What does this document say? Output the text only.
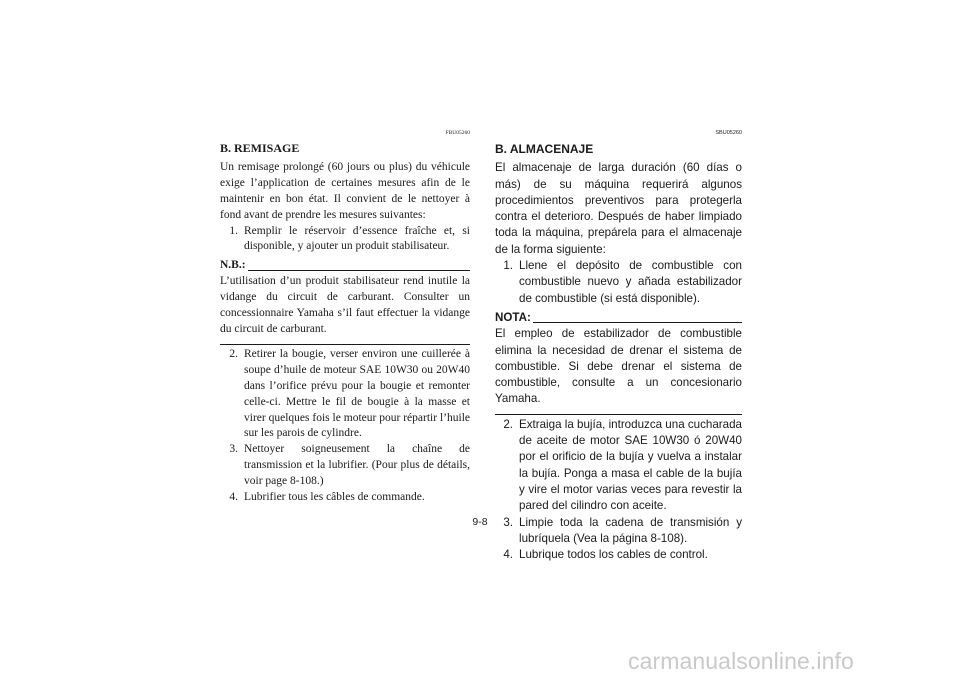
FBU05260
B. REMISAGE

Un remisage prolongé (60 jours ou plus) du véhicule exige l’application de certaines mesures afin de le maintenir en bon état. Il convient de le nettoyer à fond avant de prendre les mesures suivantes:

1. Remplir le réservoir d’essence fraîche et, si disponible, y ajouter un produit stabilisateur.
N.B.:

L’utilisation d’un produit stabilisateur rend inutile la vidange du circuit de carburant. Consulter un concessionnaire Yamaha s’il faut effectuer la vidange du circuit de carburant.

2. Retirer la bougie, verser environ une cuillerée à soupe d’huile de moteur SAE 10W30 ou 20W40 dans l’orifice prévu pour la bougie et remonter celle-ci. Mettre le fil de bougie à la masse et virer quelques fois le moteur pour répartir l’huile sur les parois de cylindre.
3. Nettoyer soigneusement la chaîne de transmission et la lubrifier. (Pour plus de détails, voir page 8-108.)
4. Lubrifier tous les câbles de commande.
SBU05260
B. ALMACENAJE

El almacenaje de larga duración (60 días o más) de su máquina requerirá algunos procedimientos preventivos para protegerla contra el deterioro. Después de haber limpiado toda la máquina, prepárela para el almacenaje de la forma siguiente:

1. Llene el depósito de combustible con combustible nuevo y añada estabilizador de combustible (si está disponible).
NOTA:

El empleo de estabilizador de combustible elimina la necesidad de drenar el sistema de combustible. Si debe drenar el sistema de combustible, consulte a un concesionario Yamaha.

2. Extraiga la bujía, introduzca una cucharada de aceite de motor SAE 10W30 ó 20W40 por el orificio de la bujía y vuelva a instalar la bujía. Ponga a masa el cable de la bujía y vire el motor varias veces para revestir la pared del cilindro con aceite.
3. Limpie toda la cadena de transmisión y lubríquela (Vea la página 8-108).
4. Lubrique todos los cables de control.
9-8
carmanualsonline.info
